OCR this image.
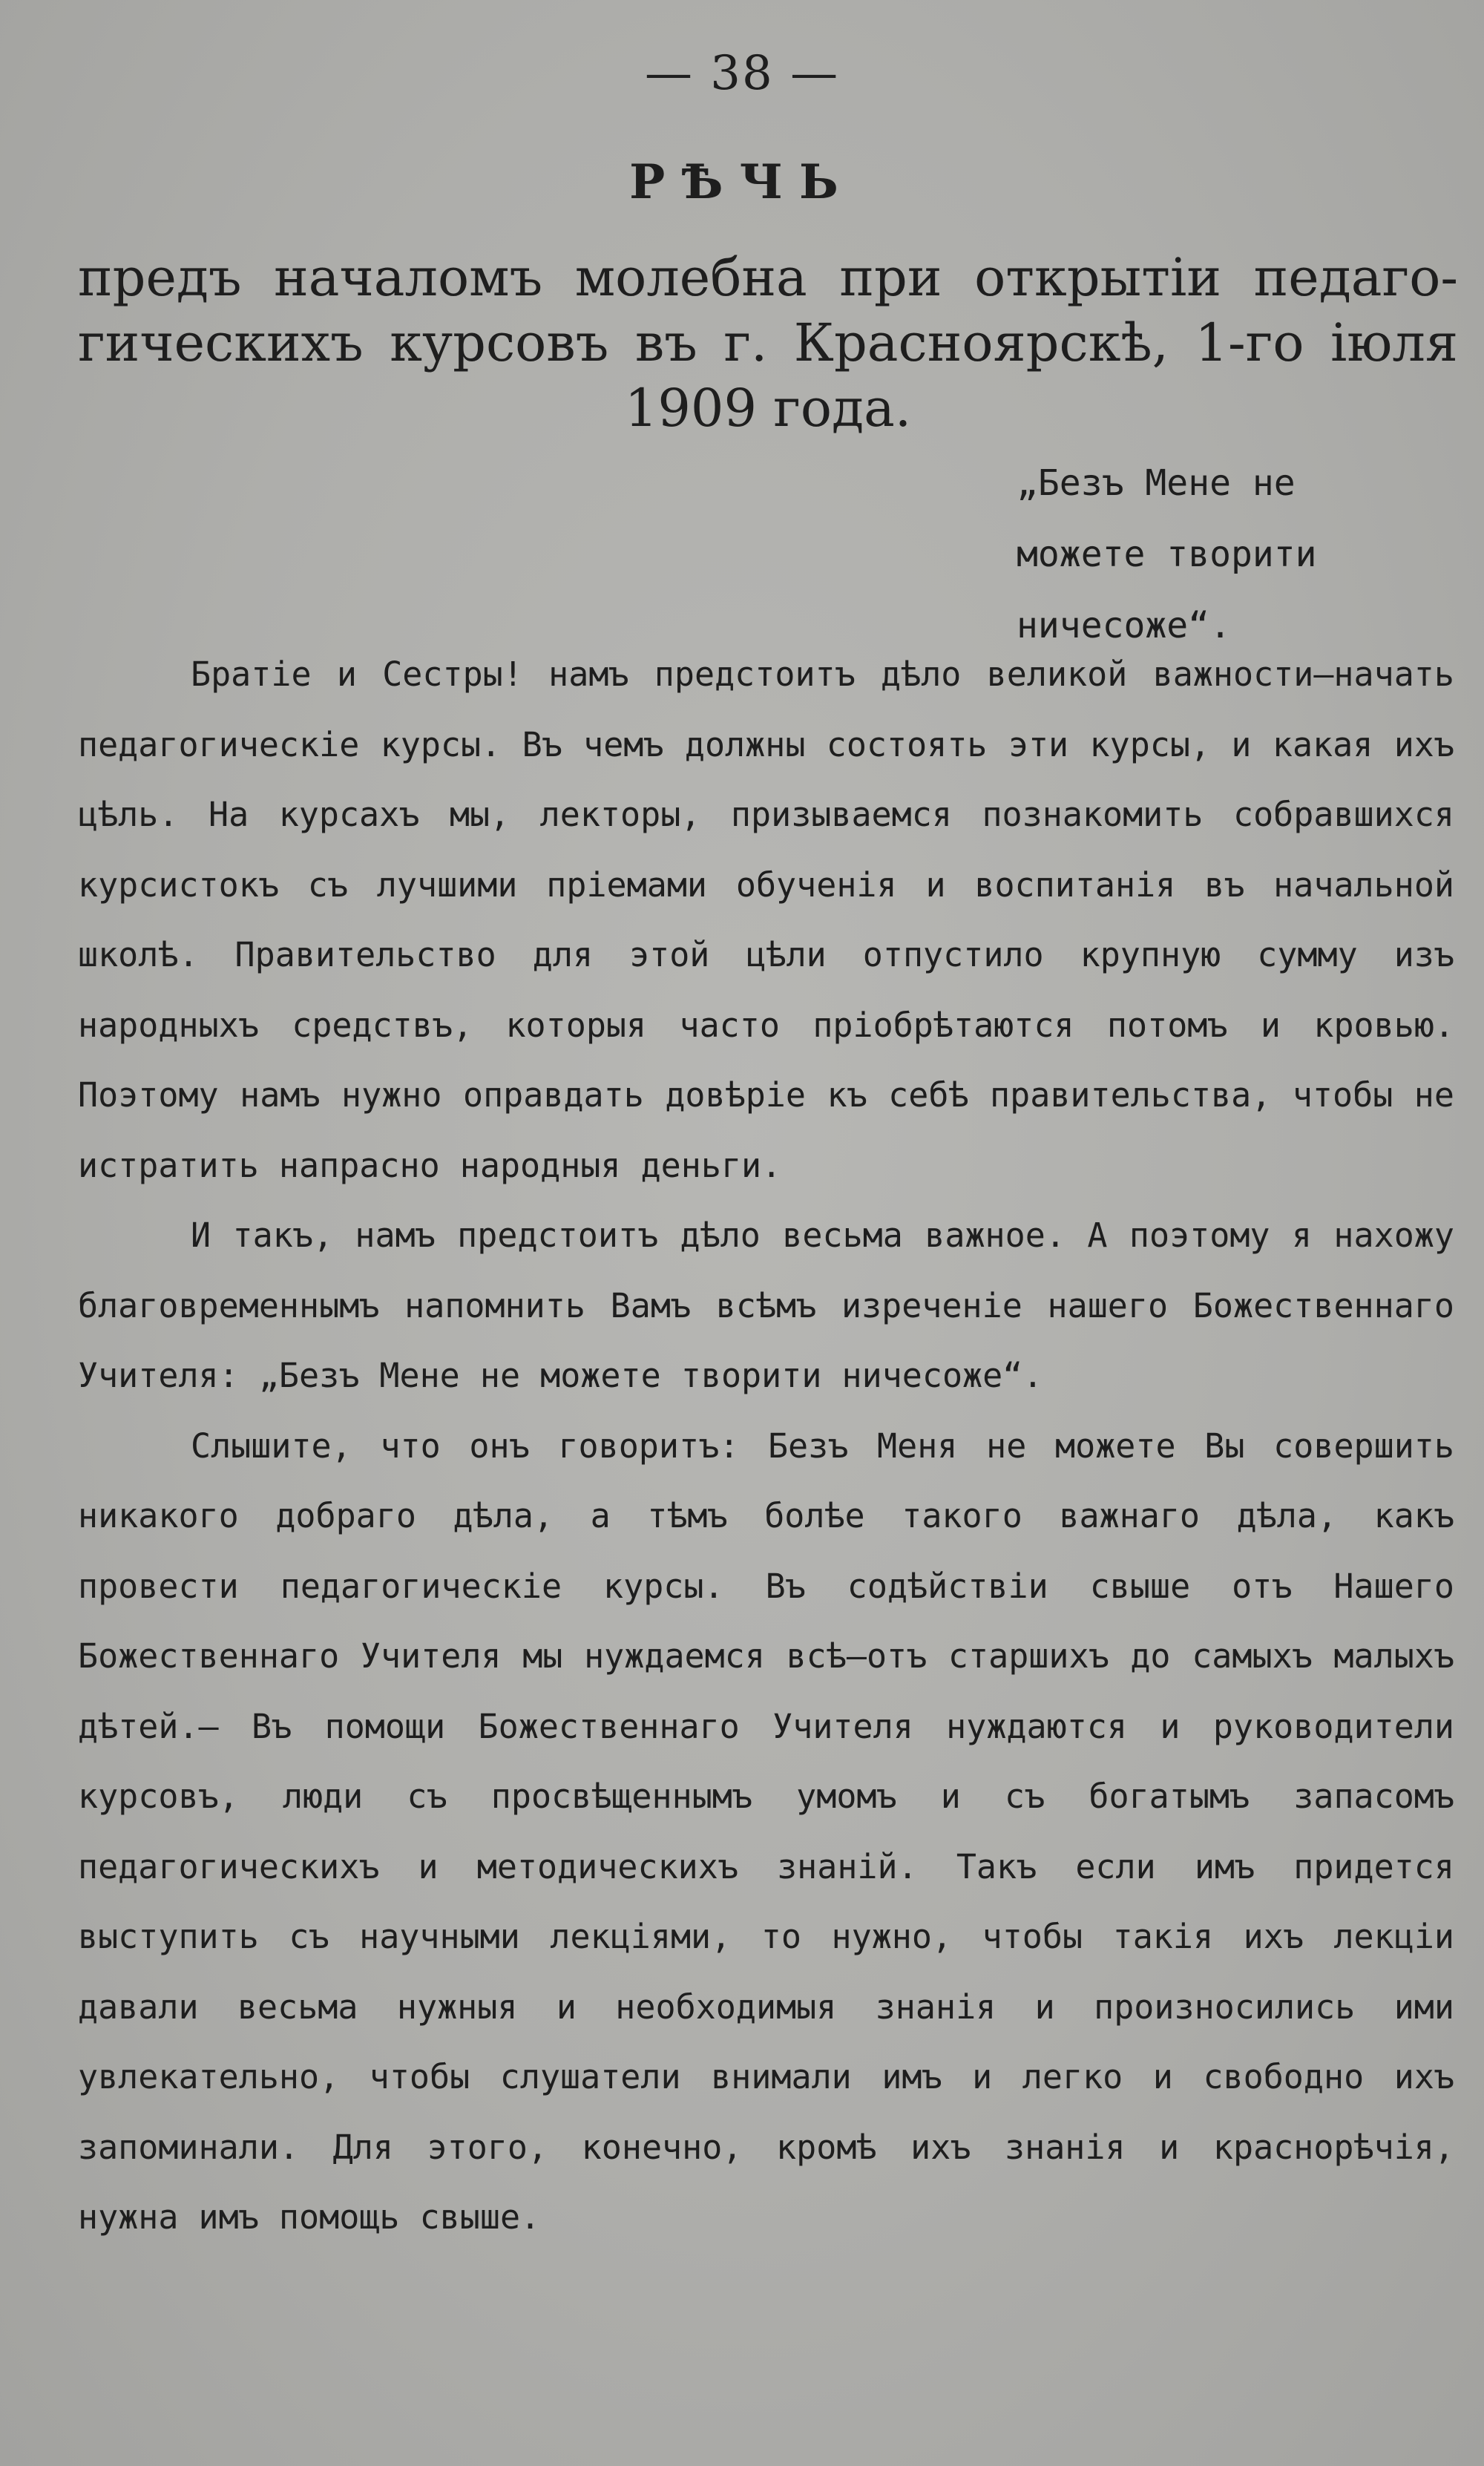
— 38 —
РѢЧЬ
предъ началомъ молебна при открытіи педагогическихъ курсовъ въ г. Красноярскѣ, 1-го іюля 1909 года.
„Безъ Мене не можете творити ничесоже“.

Братіе и Сестры! намъ предстоитъ дѣло великой важности—начать педагогическіе курсы. Въ чемъ должны состоять эти курсы, и какая ихъ цѣль. На курсахъ мы, лекторы, призываемся познакомить собравшихся курсистокъ съ лучшими пріемами обученія и воспитанія въ начальной школѣ. Правительство для этой цѣли отпустило крупную сумму изъ народныхъ средствъ, которыя часто пріобрѣтаются потомъ и кровью. Поэтому намъ нужно оправдать довѣріе къ себѣ правительства, чтобы не истратить напрасно народныя деньги.

И такъ, намъ предстоитъ дѣло весьма важное. А поэтому я нахожу благовременнымъ напомнить Вамъ всѣмъ изреченіе нашего Божественнаго Учителя: „Безъ Мене не можете творити ничесоже“.

Слышите, что онъ говоритъ: Безъ Меня не можете Вы совершить никакого добраго дѣла, а тѣмъ болѣе такого важнаго дѣла, какъ провести педагогическіе курсы. Въ содѣйствіи свыше отъ Нашего Божественнаго Учителя мы нуждаемся всѣ—отъ старшихъ до самыхъ малыхъ дѣтей.— Въ помощи Божественнаго Учителя нуждаются и руководители курсовъ, люди съ просвѣщеннымъ умомъ и съ богатымъ запасомъ педагогическихъ и методическихъ знаній. Такъ если имъ придется выступить съ научными лекціями, то нужно, чтобы такія ихъ лекціи давали весьма нужныя и необходимыя знанія и произносились ими увлекательно, чтобы слушатели внимали имъ и легко и свободно ихъ запоминали. Для этого, конечно, кромѣ ихъ знанія и краснорѣчія, нужна имъ помощь свыше.
